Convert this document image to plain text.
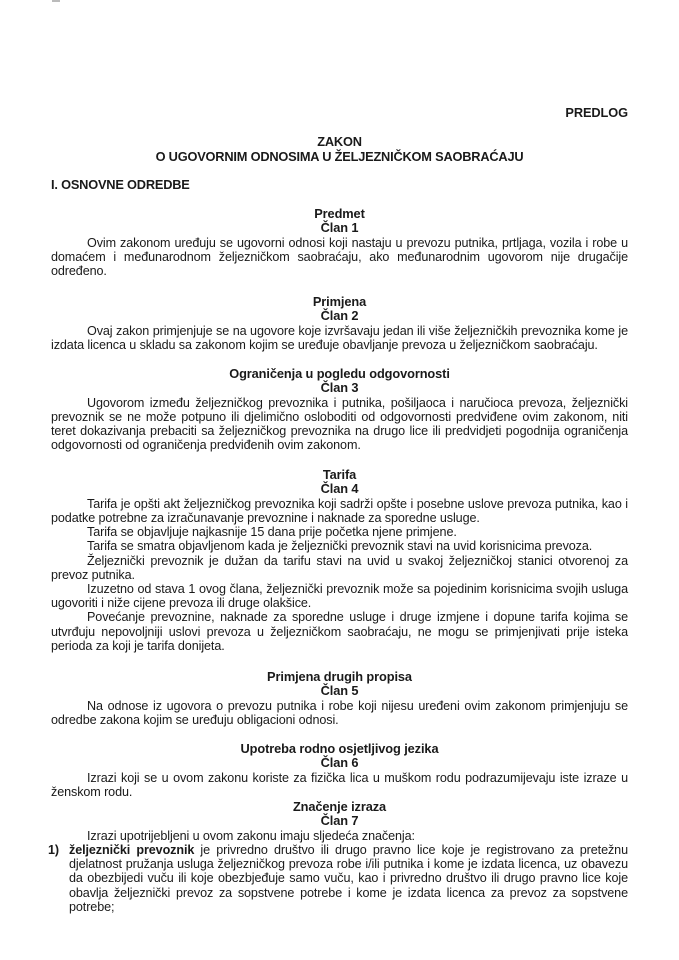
PREDLOG
ZAKON
O UGOVORNIM ODNOSIMA U ŽELJEZNIČKOM SAOBRAĆAJU
I. OSNOVNE ODREDBE
Predmet
Član 1

Ovim zakonom uređuju se ugovorni odnosi koji nastaju u prevozu putnika, prtljaga, vozila i robe u domaćem i međunarodnom željezničkom saobraćaju, ako međunarodnim ugovorom nije drugačije određeno.

Primjena
Član 2

Ovaj zakon primjenjuje se na ugovore koje izvršavaju jedan ili više željezničkih prevoznika kome je izdata licenca u skladu sa zakonom kojim se uređuje obavljanje prevoza u željezničkom saobraćaju.

Ograničenja u pogledu odgovornosti
Član 3

Ugovorom između željezničkog prevoznika i putnika, pošiljaoca i naručioca prevoza, željeznički prevoznik se ne može potpuno ili djelimično osloboditi od odgovornosti predviđene ovim zakonom, niti teret dokazivanja prebaciti sa željezničkog prevoznika na drugo lice ili predvidjeti pogodnija ograničenja odgovornosti od ograničenja predviđenih ovim zakonom.

Tarifa
Član 4

Tarifa je opšti akt željezničkog prevoznika koji sadrži opšte i posebne uslove prevoza putnika, kao i podatke potrebne za izračunavanje prevoznine i naknade za sporedne usluge.

Tarifa se objavljuje najkasnije 15 dana prije početka njene primjene.

Tarifa se smatra objavljenom kada je željeznički prevoznik stavi na uvid korisnicima prevoza.

Željeznički prevoznik je dužan da tarifu stavi na uvid u svakoj željezničkoj stanici otvorenoj za prevoz putnika.

Izuzetno od stava 1 ovog člana, željeznički prevoznik može sa pojedinim korisnicima svojih usluga ugovoriti i niže cijene prevoza ili druge olakšice.

Povećanje prevoznine, naknade za sporedne usluge i druge izmjene i dopune tarifa kojima se utvrđuju nepovoljniji uslovi prevoza u željezničkom saobraćaju, ne mogu se primjenjivati prije isteka perioda za koji je tarifa donijeta.

Primjena drugih propisa
Član 5

Na odnose iz ugovora o prevozu putnika i robe koji nijesu uređeni ovim zakonom primjenjuju se odredbe zakona kojim se uređuju obligacioni odnosi.

Upotreba rodno osjetljivog jezika
Član 6

Izrazi koji se u ovom zakonu koriste za fizička lica u muškom rodu podrazumijevaju iste izraze u ženskom rodu.

Značenje izraza
Član 7

Izrazi upotrijebljeni u ovom zakonu imaju sljedeća značenja:

1) željeznički prevoznik je privredno društvo ili drugo pravno lice koje je registrovano za pretežnu djelatnost pružanja usluga željezničkog prevoza robe i/ili putnika i kome je izdata licenca, uz obavezu da obezbijedi vuču ili koje obezbjeđuje samo vuču, kao i privredno društvo ili drugo pravno lice koje obavlja željeznički prevoz za sopstvene potrebe i kome je izdata licenca za prevoz za sopstvene potrebe;
